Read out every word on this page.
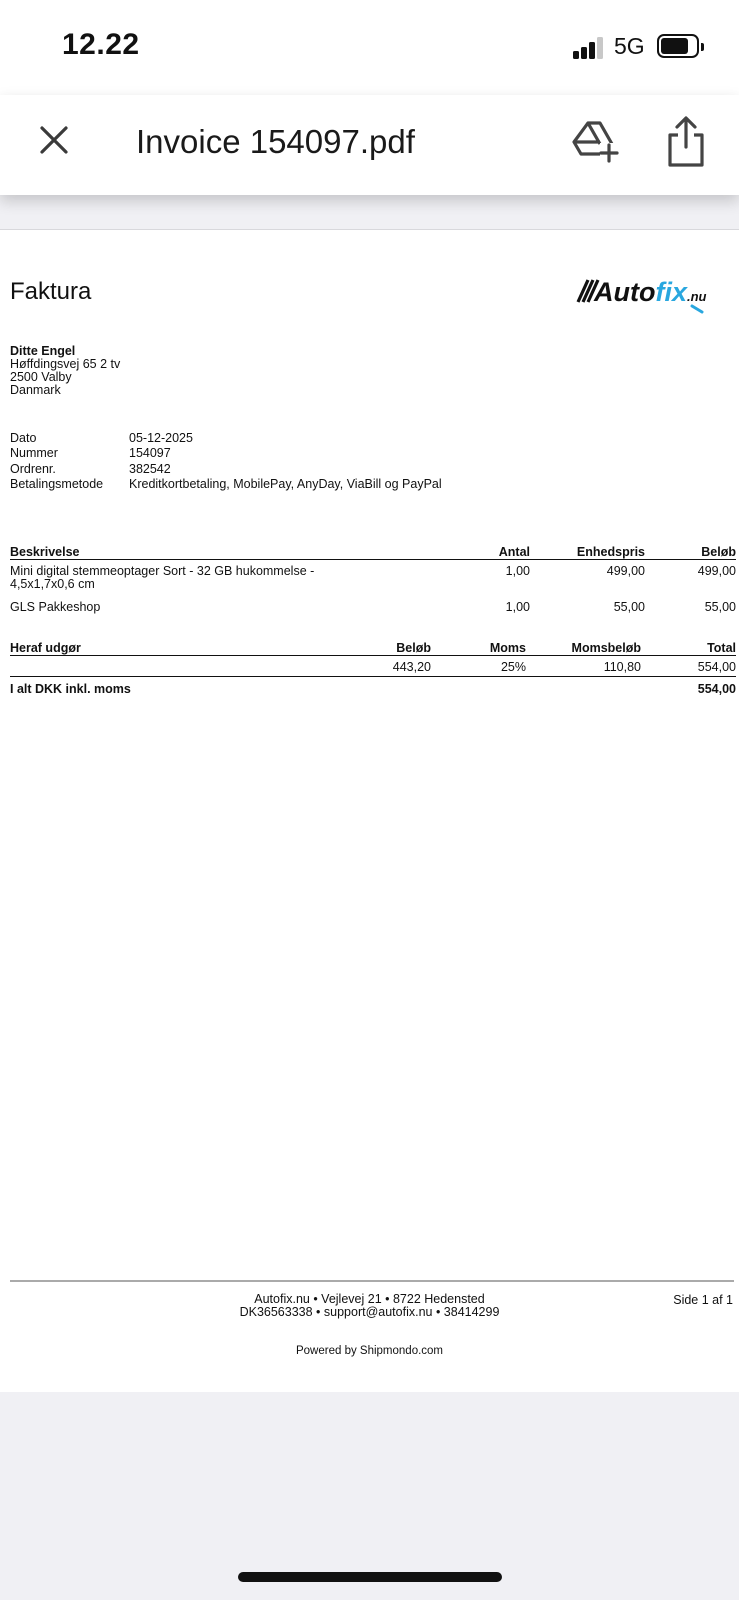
12.22	5G
Invoice 154097.pdf
Faktura	Autofix.nu
Ditte Engel
Høffdingsvej 65 2 tv
2500 Valby
Danmark
Dato	05-12-2025
Nummer	154097
Ordrenr.	382542
Betalingsmetode	Kreditkortbetaling, MobilePay, AnyDay, ViaBill og PayPal
Beskrivelse	Antal	Enhedspris	Beløb

Mini digital stemmeoptager Sort - 32 GB hukommelse -
4,5x1,7x0,6 cm	1,00	499,00	499,00
GLS Pakkeshop	1,00	55,00	55,00
Heraf udgør	Beløb	Moms	Momsbeløb	Total
	443,20	25%	110,80	554,00
I alt DKK inkl. moms				554,00
Autofix.nu • Vejlevej 21 • 8722 Hedensted
DK36563338 • support@autofix.nu • 38414299
Side 1 af 1
Powered by Shipmondo.com
